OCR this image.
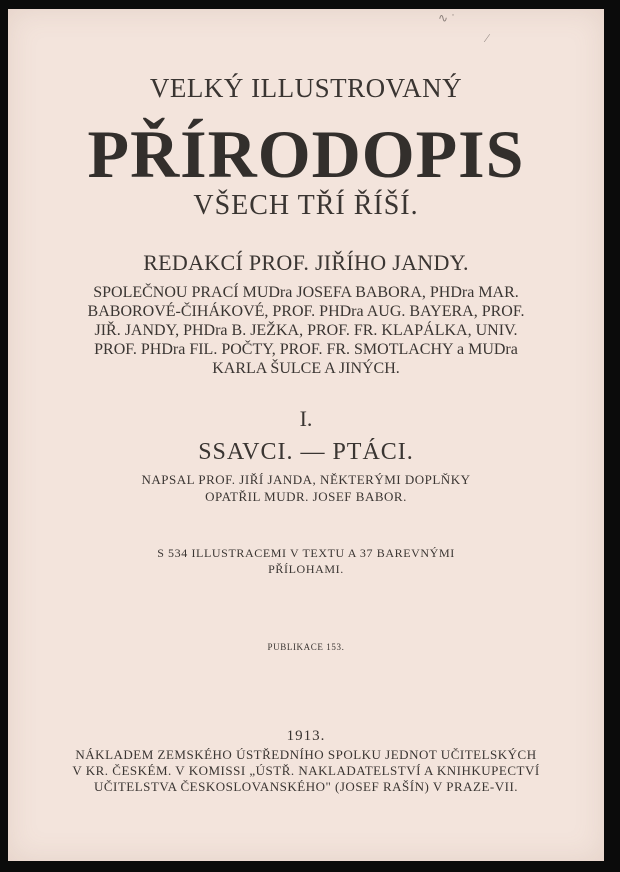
∿ ˙
∕
VELKÝ ILLUSTROVANÝ
PŘÍRODOPIS
VŠECH TŘÍ ŘÍŠÍ.
REDAKCÍ PROF. JIŘÍHO JANDY.
SPOLEČNOU PRACÍ MUDra JOSEFA BABORA, PHDra MAR.
BABOROVÉ-ČIHÁKOVÉ, PROF. PHDra AUG. BAYERA, PROF.
JIŘ. JANDY, PHDra B. JEŽKA, PROF. FR. KLAPÁLKA, UNIV.
PROF. PHDra FIL. POČTY, PROF. FR. SMOTLACHY a MUDra
KARLA ŠULCE A JINÝCH.
I.
SSAVCI. — PTÁCI.
NAPSAL PROF. JIŘÍ JANDA, NĚKTERÝMI DOPLŇKY
OPATŘIL MUDR. JOSEF BABOR.
S 534 ILLUSTRACEMI V TEXTU A 37 BAREVNÝMI
PŘÍLOHAMI.
PUBLIKACE 153.
1913.
NÁKLADEM ZEMSKÉHO ÚSTŘEDNÍHO SPOLKU JEDNOT UČITELSKÝCH
V KR. ČESKÉM. V KOMISSI „ÚSTŘ. NAKLADATELSTVÍ A KNIHKUPECTVÍ
UČITELSTVA ČESKOSLOVANSKÉHO" (JOSEF RAŠÍN) V PRAZE-VII.
